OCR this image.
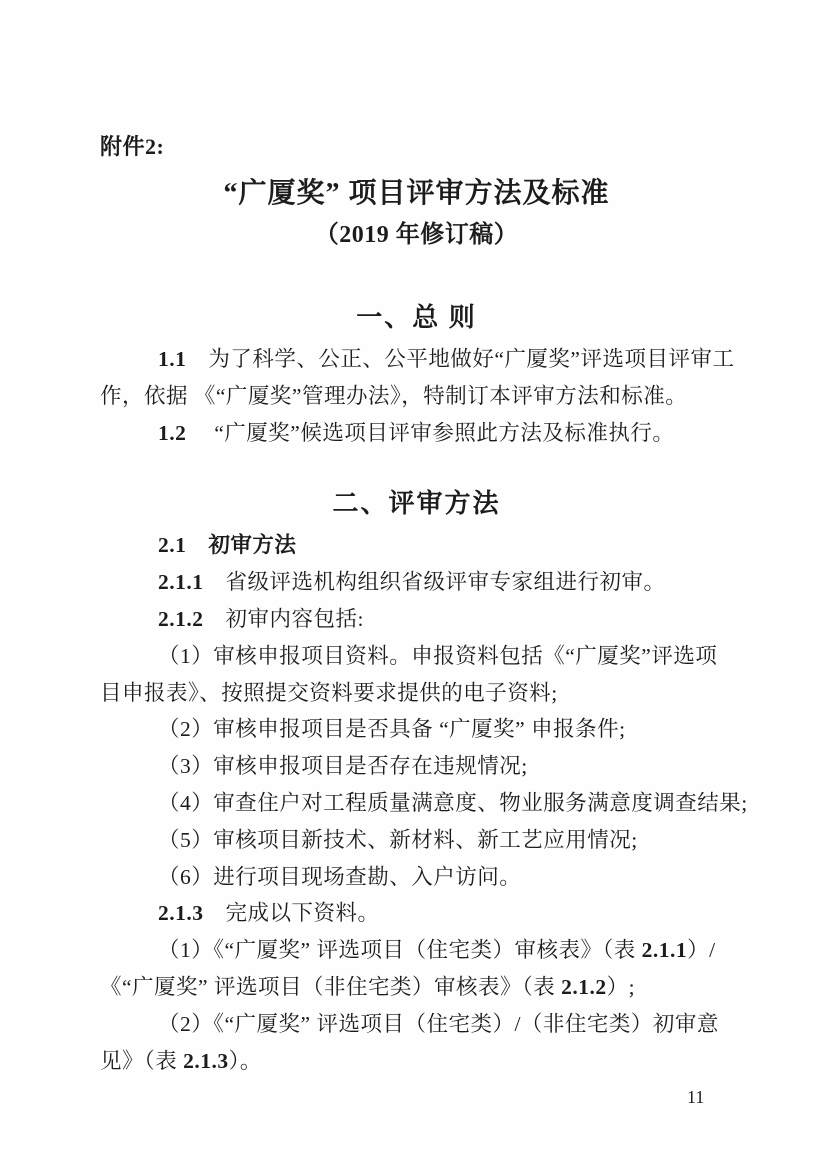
附件2:
“广厦奖” 项目评审方法及标准
（2019 年修订稿）
一、总 则
1.1　为了科学、公正、公平地做好“广厦奖”评选项目评审工
作，依据 《“广厦奖”管理办法》，特制订本评审方法和标准。
1.2　 “广厦奖”候选项目评审参照此方法及标准执行。
二、评审方法
2.1　初审方法
2.1.1　省级评选机构组织省级评审专家组进行初审。
2.1.2　初审内容包括:
（1）审核申报项目资料。申报资料包括《“广厦奖”评选项
目申报表》、按照提交资料要求提供的电子资料;
（2）审核申报项目是否具备 “广厦奖” 申报条件;
（3）审核申报项目是否存在违规情况;
（4）审查住户对工程质量满意度、物业服务满意度调查结果;
（5）审核项目新技术、新材料、新工艺应用情况;
（6）进行项目现场查勘、入户访问。
2.1.3　完成以下资料。
（1）《“广厦奖” 评选项目（住宅类）审核表》（表 2.1.1）/
《“广厦奖” 评选项目（非住宅类）审核表》（表 2.1.2）;
（2）《“广厦奖” 评选项目（住宅类）/（非住宅类）初审意
见》（表 2.1.3）。
11
